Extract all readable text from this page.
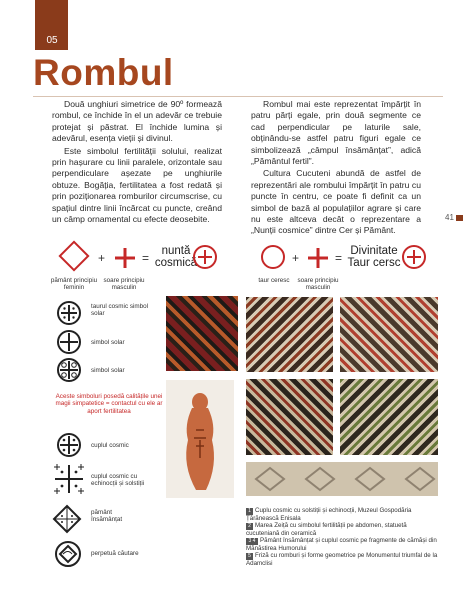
05
Rombul

Două unghiuri simetrice de 90º formează rombul, ce închide în el un adevăr ce trebuie protejat și păstrat. El închide lumina și adevărul, esența vieții și divinul.

Este simbolul fertilității solului, realizat prin hașurare cu linii paralele, orizontale sau perpendiculare așezate pe unghiurile obtuze. Bogăția, fertilitatea a fost redată și prin poziționarea romburilor circumscrise, cu spațiul dintre linii încărcat cu puncte, creând un câmp ornamental cu efecte deosebite.

Rombul mai este reprezentat împărțit în patru părți egale, prin două segmente ce cad perpendicular pe laturile sale, obținându-se astfel patru figuri egale ce simbolizează „câmpul însămânțat”, adică „Pământul fertil”.

Cultura Cucuteni abundă de astfel de reprezentări ale rombului împărțit în patru cu puncte în centru, ce poate fi definit ca un simbol de bază al populațiilor agrare și care nu este altceva decât o reprezentare a „Nunții cosmice” dintre Cer și Pământ.

41
+	=	nuntă cosmică
pământ principiu feminin
soare principiu masculin
+	= Divinitate Taur cersc
taur ceresc	soare principiu masculin
taurul cosmic simbol solar
simbol solar
simbol solar
Aceste simboluri posedă calitățile unei magii simpatetice = contactul cu ele ar aport fertilitatea
cuplul cosmic
cuplul cosmic cu echinocții și solstiții
pământ însămânțat
perpetuă căutare
1 Cuplu cosmic cu solstiții și echinocții, Muzeul Gospodăria Țărănească Enisala
2 Marea Zeiță cu simbolul fertilității pe abdomen, statuetă cucuteniană din ceramică
3 4 Pământ însămânțat și cuplul cosmic pe fragmente de cămăși din Mănăstirea Humorului
5 Friză cu romburi și forme geometrice pe Monumentul triumfal de la Adamclisi
